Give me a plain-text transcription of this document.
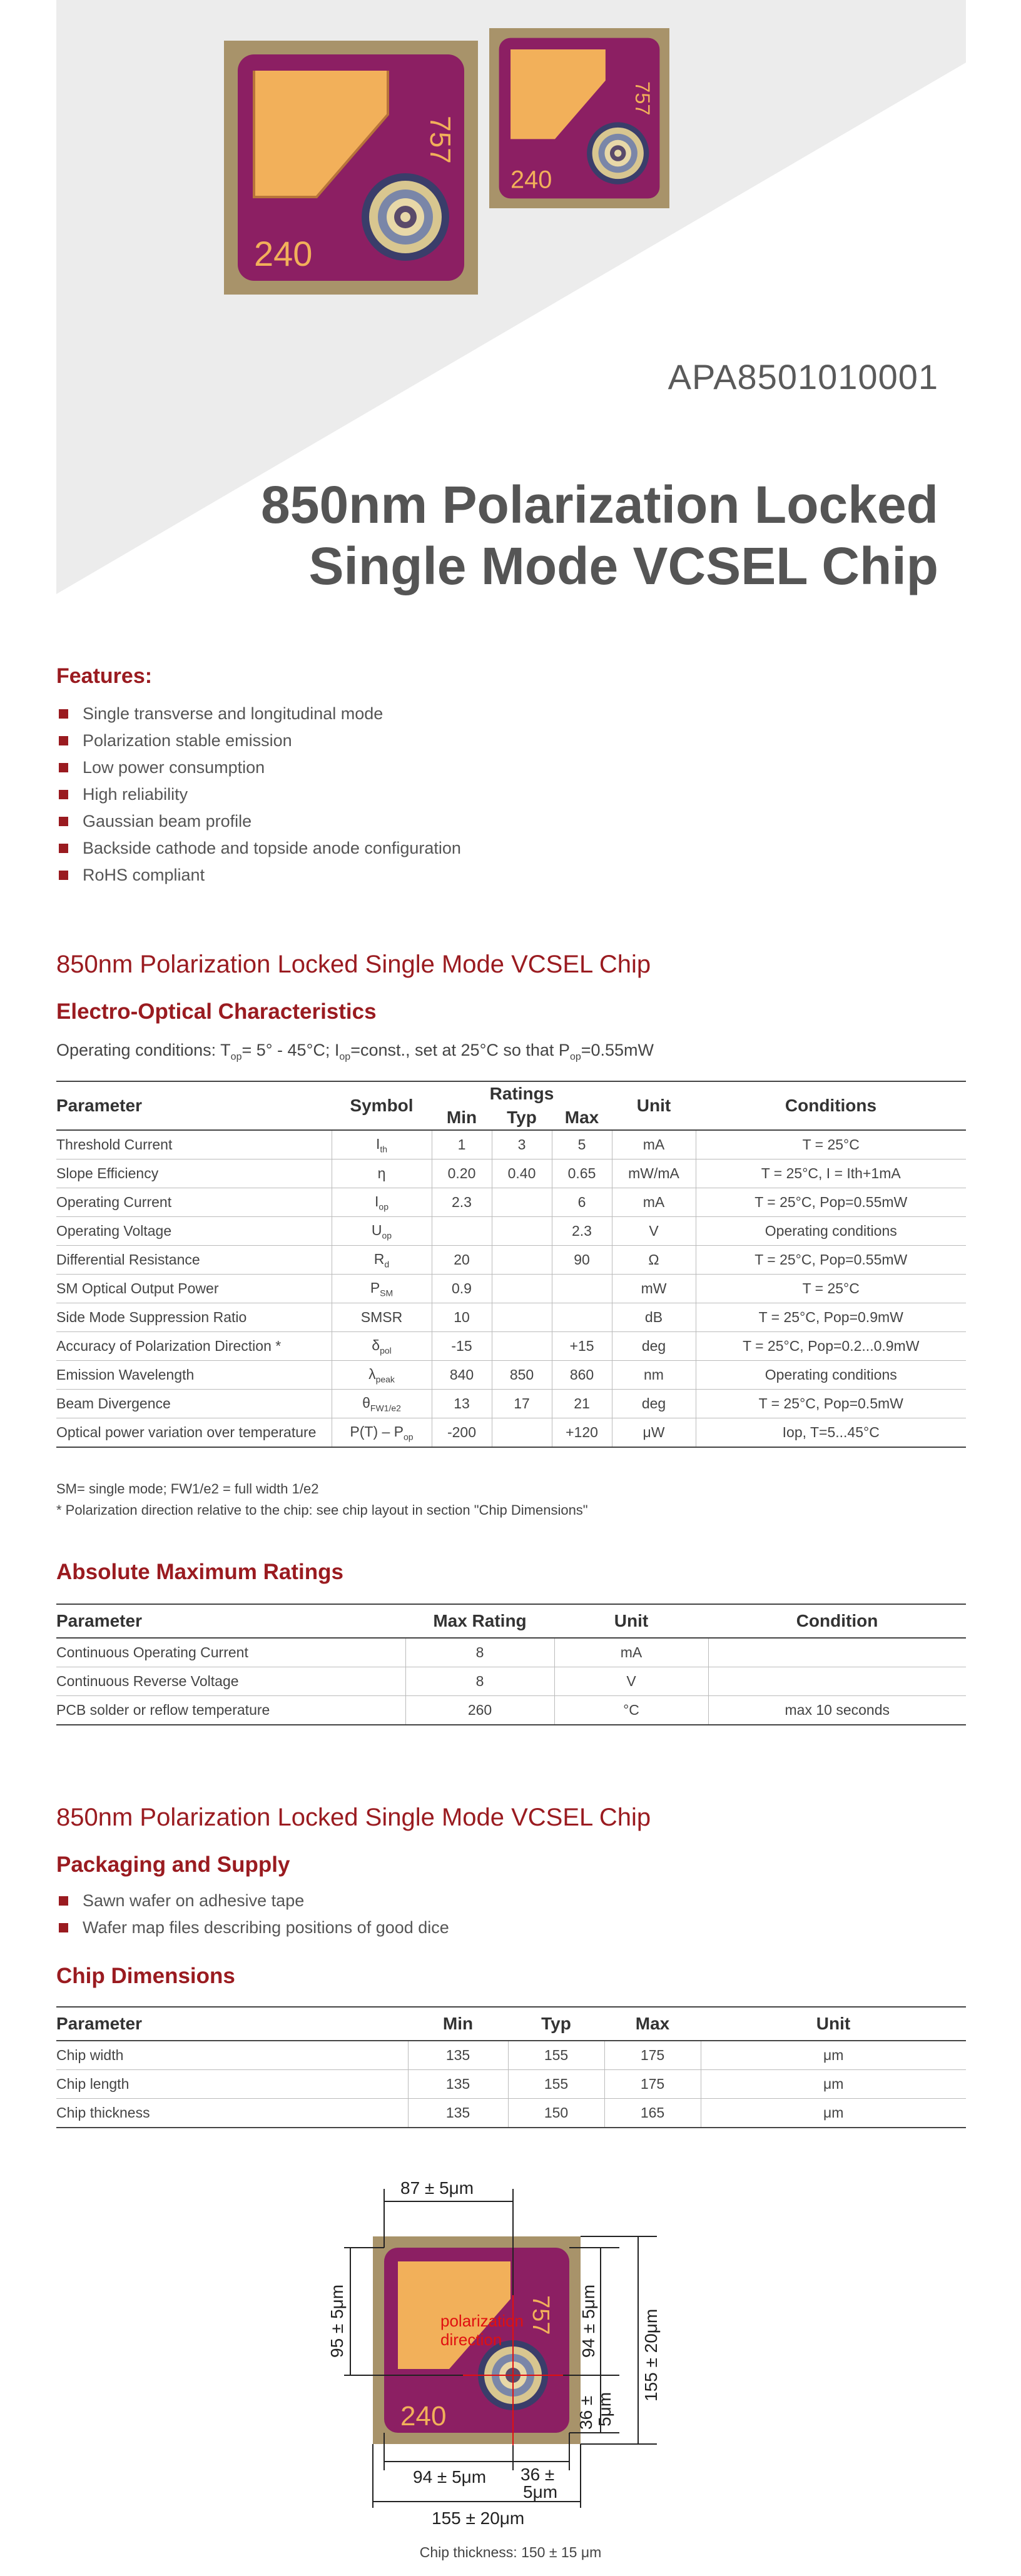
757
240
757
240
APA8501010001
850nm Polarization Locked
Single Mode VCSEL Chip
Features:
Single transverse and longitudinal mode
Polarization stable emission
Low power consumption
High reliability
Gaussian beam profile
Backside cathode and topside anode configuration
RoHS compliant
850nm Polarization Locked Single Mode VCSEL Chip
Electro-Optical Characteristics
Operating conditions: $T_{op}= 5^\circ - 45^\circ C$; $I_{op}=const$., set at 25°C so that $P_{op}=0.55mW$
Parameter	Symbol	Ratings			Unit	Conditions
		Min	Typ	Max		
Threshold Current	$I_{th}$	1	3	5	mA	T = 25°C
Slope Efficiency	η	0.20	0.40	0.65	mW/mA	T = 25°C, I = Ith+1mA
Operating Current	$I_{op}$	2.3		6	mA	T = 25°C, Pop=0.55mW
Operating Voltage	$U_{op}$			2.3	V	Operating conditions
Differential Resistance	$R_d$	20		90	Ω	T = 25°C, Pop=0.55mW
SM Optical Output Power	$P_{SM}$	0.9			mW	T = 25°C
Side Mode Suppression Ratio	SMSR	10			dB	T = 25°C, Pop=0.9mW
Accuracy of Polarization Direction *	$\delta_{pol}$	-15		+15	deg	T = 25°C, Pop=0.2...0.9mW
Emission Wavelength	$\lambda_{peak}$	840	850	860	nm	Operating conditions
Beam Divergence	$\theta_{FW1/e2}$	13	17	21	deg	T = 25°C, Pop=0.5mW
Optical power variation over temperature	$P(T) - P_{op}$	-200		+120	μW	Iop, T=5...45°C
SM= single mode; FW1/e2 = full width 1/e2
* Polarization direction relative to the chip: see chip layout in section "Chip Dimensions"
Absolute Maximum Ratings
Parameter	Max Rating	Unit	Condition
Continuous Operating Current	8	mA	
Continuous Reverse Voltage	8	V	
PCB solder or reflow temperature	260	°C	max 10 seconds
850nm Polarization Locked Single Mode VCSEL Chip
Packaging and Supply
Sawn wafer on adhesive tape
Wafer map files describing positions of good dice
Chip Dimensions
Parameter	Min	Typ	Max	Unit
Chip width	135	155	175	μm
Chip length	135	155	175	μm
Chip thickness	135	150	165	μm
757
240
polarization
direction
87 ± 5μm
95 ± 5μm	94 ± 5μm
36 ± 5μm
155 ± 20μm
94 ± 5μm 36 ±
5μm
155 ± 20μm
Chip thickness: 150 ± 15 μm
